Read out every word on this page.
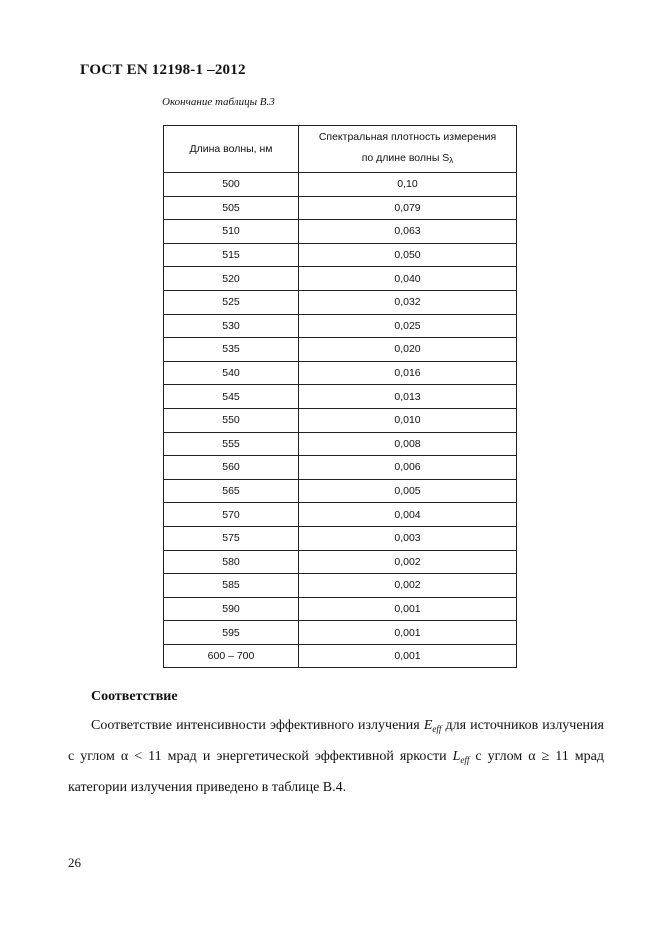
ГОСТ EN 12198-1 –2012
Окончание таблицы В.3
Длина волны, нм	Спектральная плотность измерения
по длине волны $S_\lambda$
500	0,10
505	0,079
510	0,063
515	0,050
520	0,040
525	0,032
530	0,025
535	0,020
540	0,016
545	0,013
550	0,010
555	0,008
560	0,006
565	0,005
570	0,004
575	0,003
580	0,002
585	0,002
590	0,001
595	0,001
600 – 700	0,001
Соответствие

Соответствие интенсивности эффективного излучения $E_{eff}$ для источников излучения с углом α < 11 мрад и энергетической эффективной яркости $L_{eff}$ с углом α ≥ 11 мрад категории излучения приведено в таблице В.4.

26
